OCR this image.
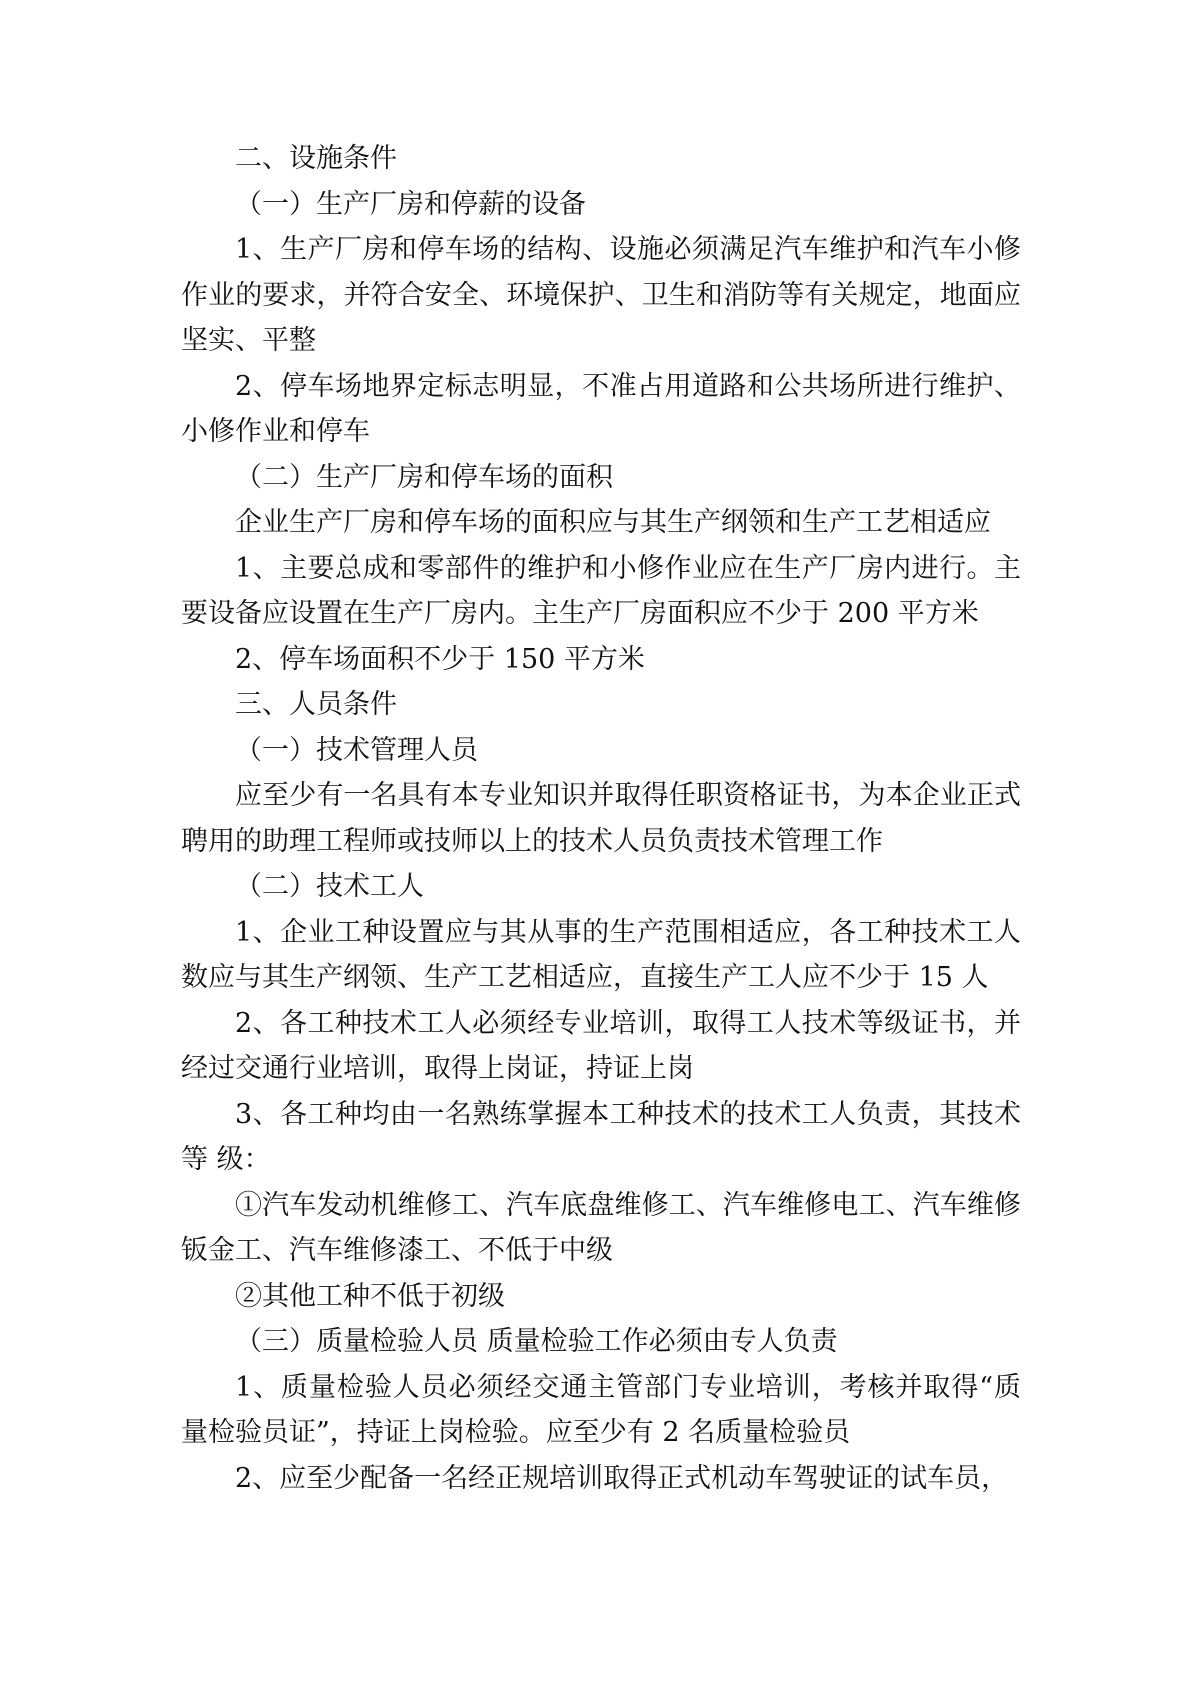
二、设施条件

（一）生产厂房和停薪的设备

1、生产厂房和停车场的结构、设施必须满足汽车维护和汽车小修作业的要求，并符合安全、环境保护、卫生和消防等有关规定，地面应坚实、平整

2、停车场地界定标志明显，不准占用道路和公共场所进行维护、小修作业和停车

（二）生产厂房和停车场的面积

企业生产厂房和停车场的面积应与其生产纲领和生产工艺相适应

1、主要总成和零部件的维护和小修作业应在生产厂房内进行。主要设备应设置在生产厂房内。主生产厂房面积应不少于 200 平方米

2、停车场面积不少于 150 平方米

三、人员条件

（一）技术管理人员

应至少有一名具有本专业知识并取得任职资格证书，为本企业正式聘用的助理工程师或技师以上的技术人员负责技术管理工作

（二）技术工人

1、企业工种设置应与其从事的生产范围相适应，各工种技术工人数应与其生产纲领、生产工艺相适应，直接生产工人应不少于 15 人

2、各工种技术工人必须经专业培训，取得工人技术等级证书，并经过交通行业培训，取得上岗证，持证上岗

3、各工种均由一名熟练掌握本工种技术的技术工人负责，其技术等 级：

①汽车发动机维修工、汽车底盘维修工、汽车维修电工、汽车维修钣金工、汽车维修漆工、不低于中级

②其他工种不低于初级

（三）质量检验人员 质量检验工作必须由专人负责

1、质量检验人员必须经交通主管部门专业培训，考核并取得“质量检验员证”，持证上岗检验。应至少有 2 名质量检验员

2、应至少配备一名经正规培训取得正式机动车驾驶证的试车员，
